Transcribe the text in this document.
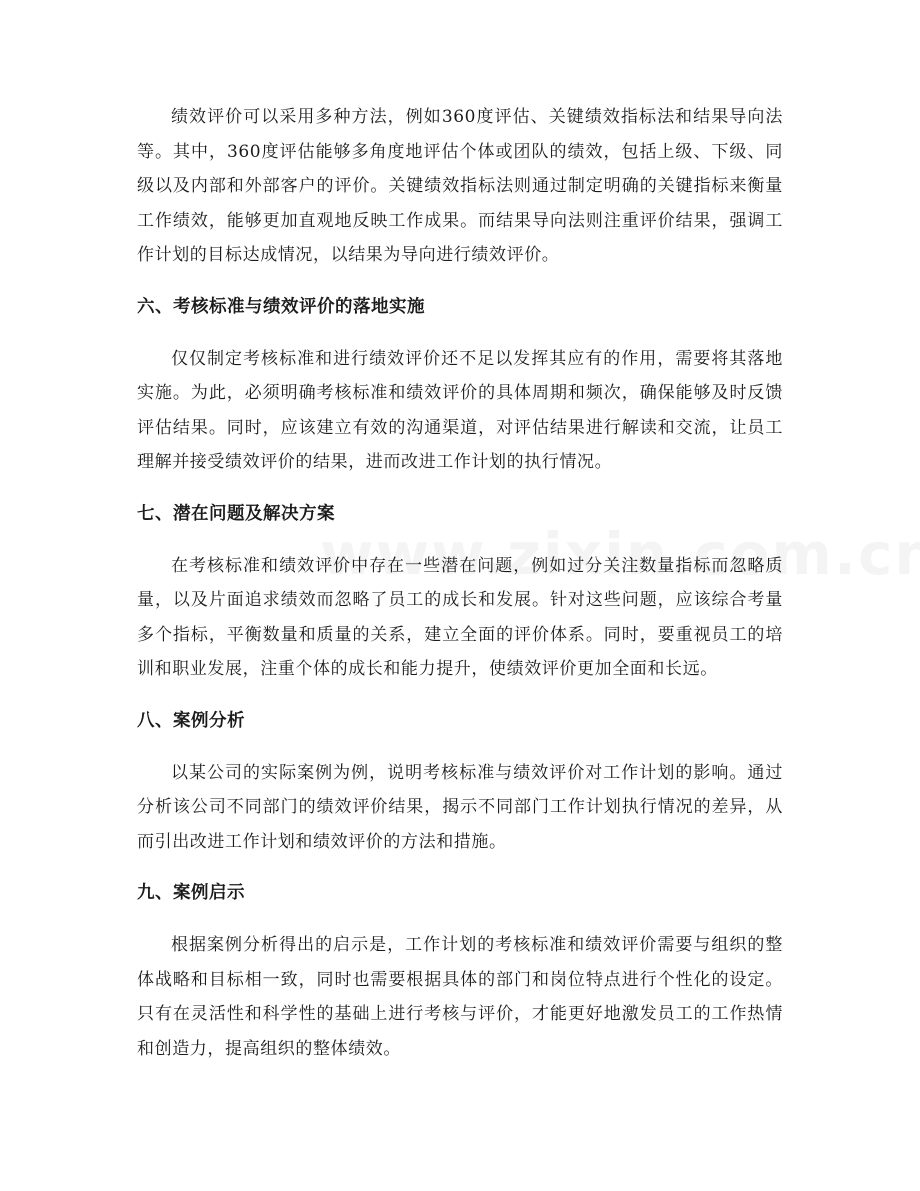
绩效评价可以采用多种方法，例如360度评估、关键绩效指标法和结果导向法等。其中，360度评估能够多角度地评估个体或团队的绩效，包括上级、下级、同级以及内部和外部客户的评价。关键绩效指标法则通过制定明确的关键指标来衡量工作绩效，能够更加直观地反映工作成果。而结果导向法则注重评价结果，强调工作计划的目标达成情况，以结果为导向进行绩效评价。

六、考核标准与绩效评价的落地实施

仅仅制定考核标准和进行绩效评价还不足以发挥其应有的作用，需要将其落地实施。为此，必须明确考核标准和绩效评价的具体周期和频次，确保能够及时反馈评估结果。同时，应该建立有效的沟通渠道，对评估结果进行解读和交流，让员工理解并接受绩效评价的结果，进而改进工作计划的执行情况。

七、潜在问题及解决方案

在考核标准和绩效评价中存在一些潜在问题，例如过分关注数量指标而忽略质量，以及片面追求绩效而忽略了员工的成长和发展。针对这些问题，应该综合考量多个指标，平衡数量和质量的关系，建立全面的评价体系。同时，要重视员工的培训和职业发展，注重个体的成长和能力提升，使绩效评价更加全面和长远。

八、案例分析

以某公司的实际案例为例，说明考核标准与绩效评价对工作计划的影响。通过分析该公司不同部门的绩效评价结果，揭示不同部门工作计划执行情况的差异，从而引出改进工作计划和绩效评价的方法和措施。

九、案例启示

根据案例分析得出的启示是，工作计划的考核标准和绩效评价需要与组织的整体战略和目标相一致，同时也需要根据具体的部门和岗位特点进行个性化的设定。只有在灵活性和科学性的基础上进行考核与评价，才能更好地激发员工的工作热情和创造力，提高组织的整体绩效。
